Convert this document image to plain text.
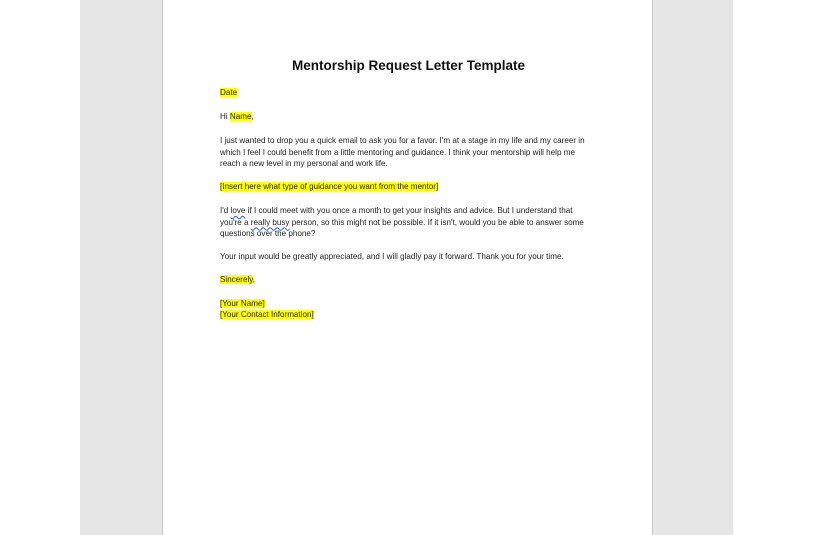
Mentorship Request Letter Template
Date
Hi Name,
I just wanted to drop you a quick email to ask you for a favor. I'm at a stage in my life and my career in which I feel I could benefit from a little mentoring and guidance. I think your mentorship will help me reach a new level in my personal and work life.
[Insert here what type of guidance you want from the mentor]
I'd love if I could meet with you once a month to get your insights and advice. But I understand that you're a really busy person, so this might not be possible. If it isn't, would you be able to answer some questions over the phone?
Your input would be greatly appreciated, and I will gladly pay it forward. Thank you for your time.
Sincerely,
[Your Name]
[Your Contact Information]
